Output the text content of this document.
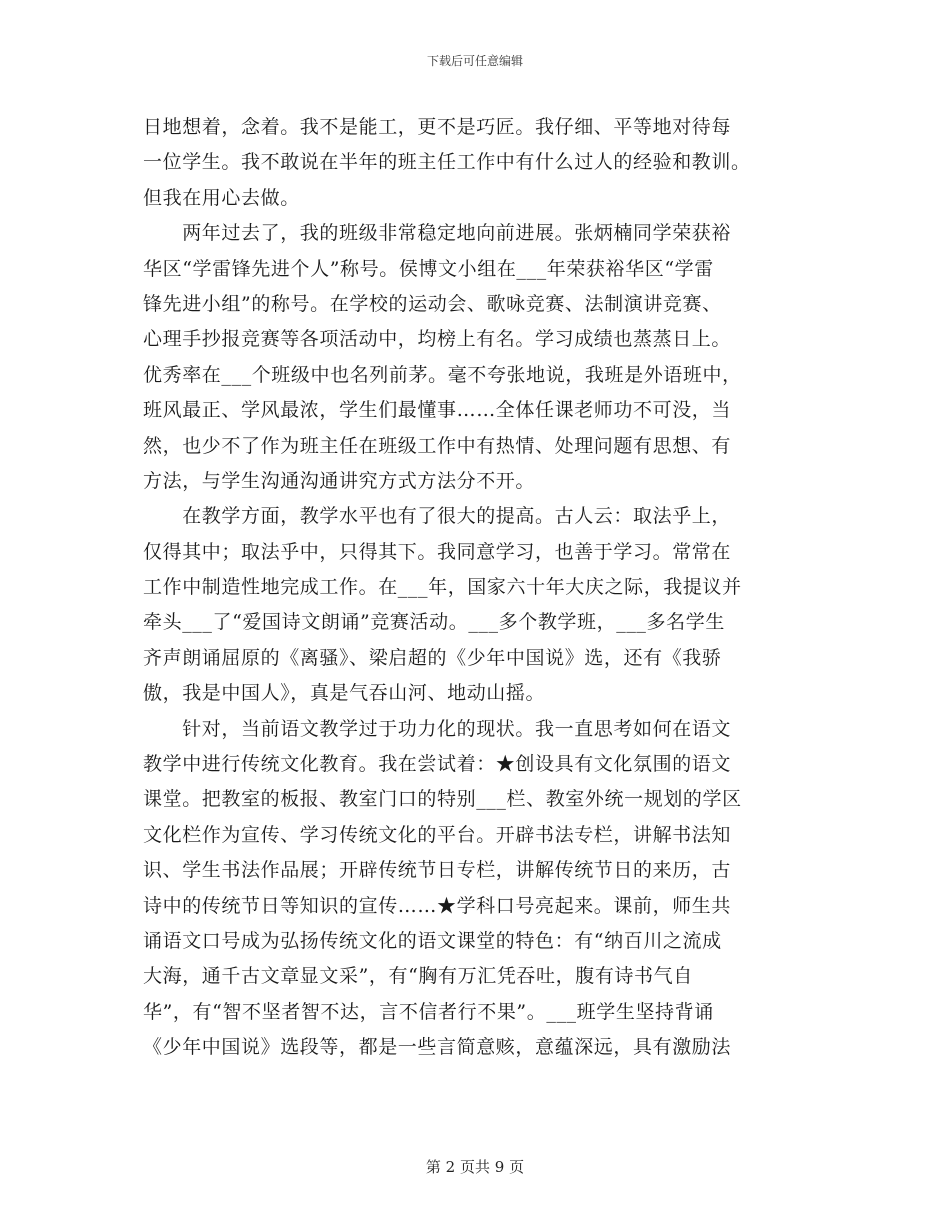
下载后可任意编辑
日地想着，念着。我不是能工，更不是巧匠。我仔细、平等地对待每
一位学生。我不敢说在半年的班主任工作中有什么过人的经验和教训。
但我在用心去做。
　　两年过去了，我的班级非常稳定地向前进展。张炳楠同学荣获裕
华区“学雷锋先进个人”称号。侯博文小组在___年荣获裕华区“学雷
锋先进小组”的称号。在学校的运动会、歌咏竞赛、法制演讲竞赛、
心理手抄报竞赛等各项活动中，均榜上有名。学习成绩也蒸蒸日上。
优秀率在___个班级中也名列前茅。毫不夸张地说，我班是外语班中，
班风最正、学风最浓，学生们最懂事……全体任课老师功不可没，当
然，也少不了作为班主任在班级工作中有热情、处理问题有思想、有
方法，与学生沟通沟通讲究方式方法分不开。
　　在教学方面，教学水平也有了很大的提高。古人云：取法乎上，
仅得其中；取法乎中，只得其下。我同意学习，也善于学习。常常在
工作中制造性地完成工作。在___年，国家六十年大庆之际，我提议并
牵头___了“爱国诗文朗诵”竞赛活动。___多个教学班，___多名学生
齐声朗诵屈原的《离骚》、梁启超的《少年中国说》选，还有《我骄
傲，我是中国人》，真是气吞山河、地动山摇。
　　针对，当前语文教学过于功力化的现状。我一直思考如何在语文
教学中进行传统文化教育。我在尝试着：★创设具有文化氛围的语文
课堂。把教室的板报、教室门口的特别___栏、教室外统一规划的学区
文化栏作为宣传、学习传统文化的平台。开辟书法专栏，讲解书法知
识、学生书法作品展；开辟传统节日专栏，讲解传统节日的来历，古
诗中的传统节日等知识的宣传……★学科口号亮起来。课前，师生共
诵语文口号成为弘扬传统文化的语文课堂的特色：有“纳百川之流成
大海，通千古文章显文采”，有“胸有万汇凭吞吐，腹有诗书气自
华”，有“智不坚者智不达，言不信者行不果”。___班学生坚持背诵
《少年中国说》选段等，都是一些言简意赅，意蕴深远，具有激励法
第 2 页共 9 页
